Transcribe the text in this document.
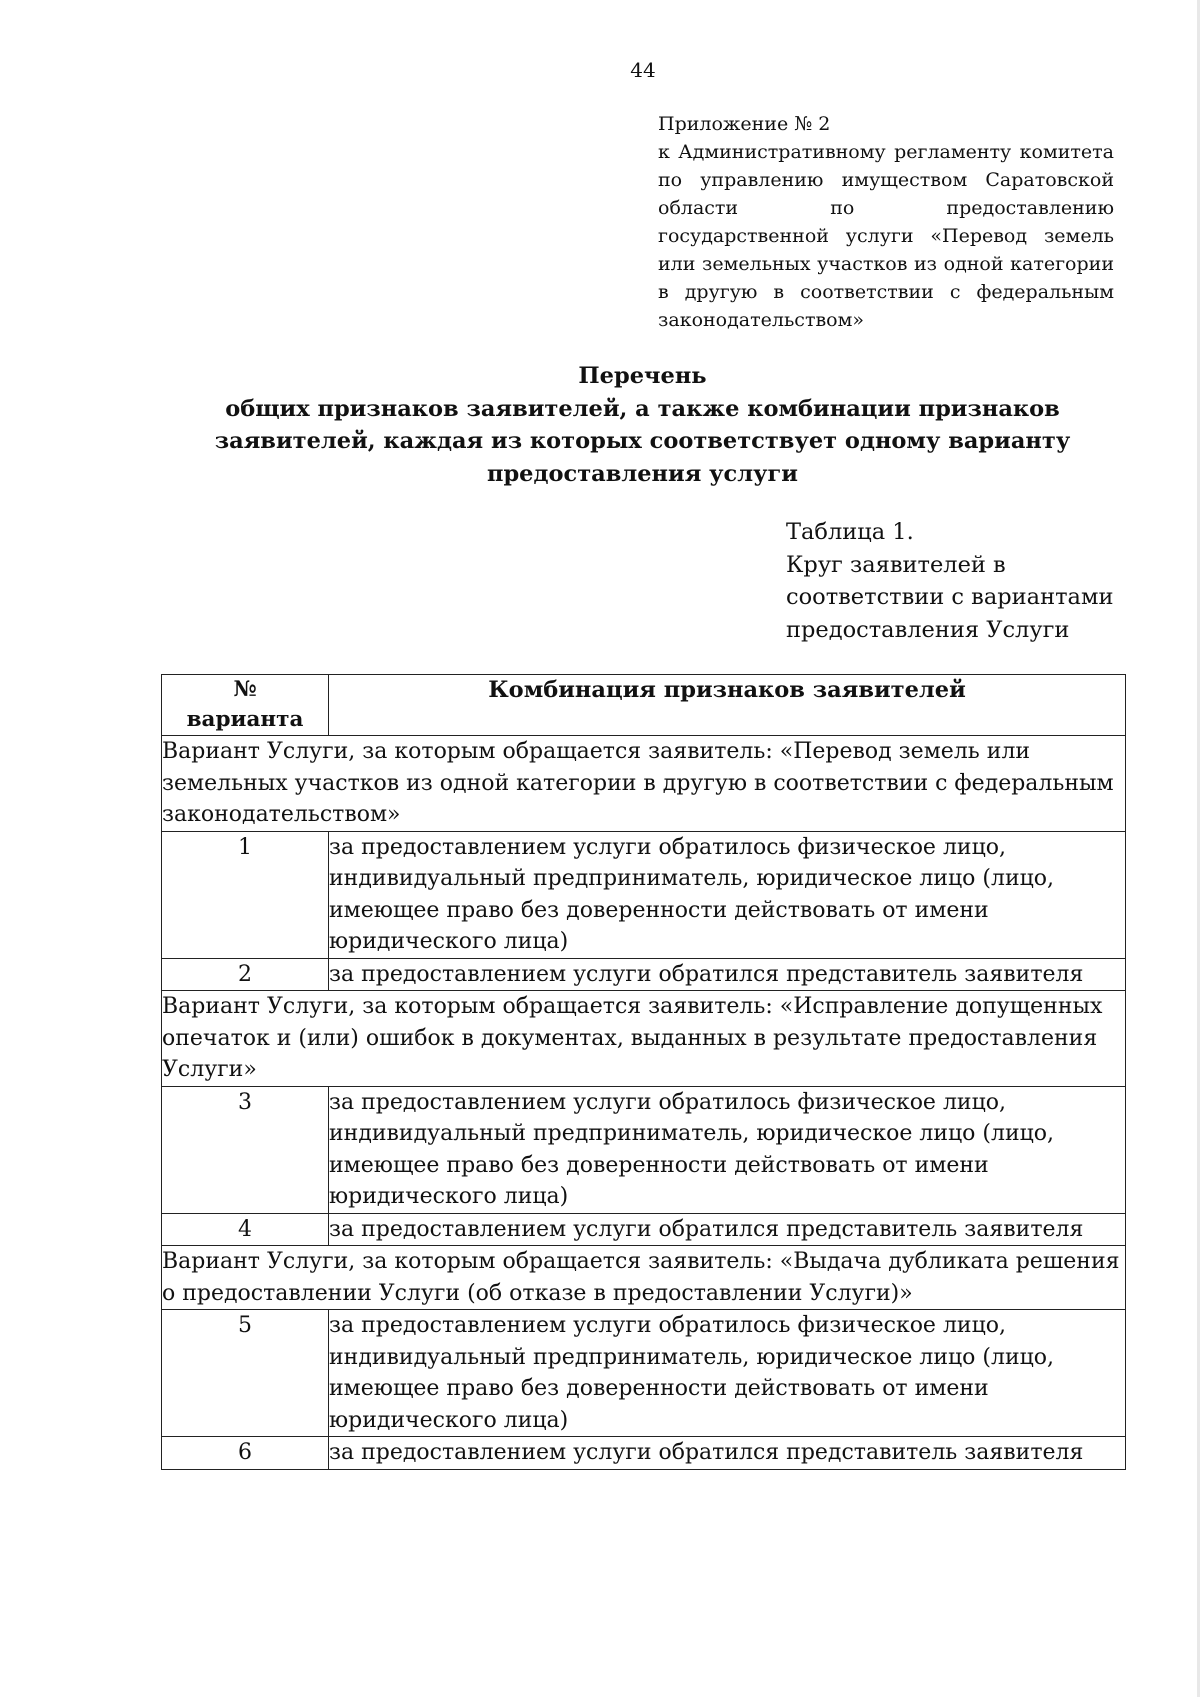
44
Приложение № 2
к Административному регламенту комитета по управлению имуществом Саратовской области по предоставлению государственной услуги «Перевод земель или земельных участков из одной категории в другую в соответствии с федеральным законодательством»
Перечень
общих признаков заявителей, а также комбинации признаков
заявителей, каждая из которых соответствует одному варианту
предоставления услуги
Таблица 1.
Круг заявителей в
соответствии с вариантами
предоставления Услуги
№
варианта	Комбинация признаков заявителей
Вариант Услуги, за которым обращается заявитель: «Перевод земель или земельных участков из одной категории в другую в соответствии с федеральным законодательством»	
1	за предоставлением услуги обратилось физическое лицо, индивидуальный предприниматель, юридическое лицо (лицо, имеющее право без доверенности действовать от имени юридического лица)
2	за предоставлением услуги обратился представитель заявителя
Вариант Услуги, за которым обращается заявитель: «Исправление допущенных опечаток и (или) ошибок в документах, выданных в результате предоставления Услуги»	
3	за предоставлением услуги обратилось физическое лицо, индивидуальный предприниматель, юридическое лицо (лицо, имеющее право без доверенности действовать от имени юридического лица)
4	за предоставлением услуги обратился представитель заявителя
Вариант Услуги, за которым обращается заявитель: «Выдача дубликата решения о предоставлении Услуги (об отказе в предоставлении Услуги)»	
5	за предоставлением услуги обратилось физическое лицо, индивидуальный предприниматель, юридическое лицо (лицо, имеющее право без доверенности действовать от имени юридического лица)
6	за предоставлением услуги обратился представитель заявителя
